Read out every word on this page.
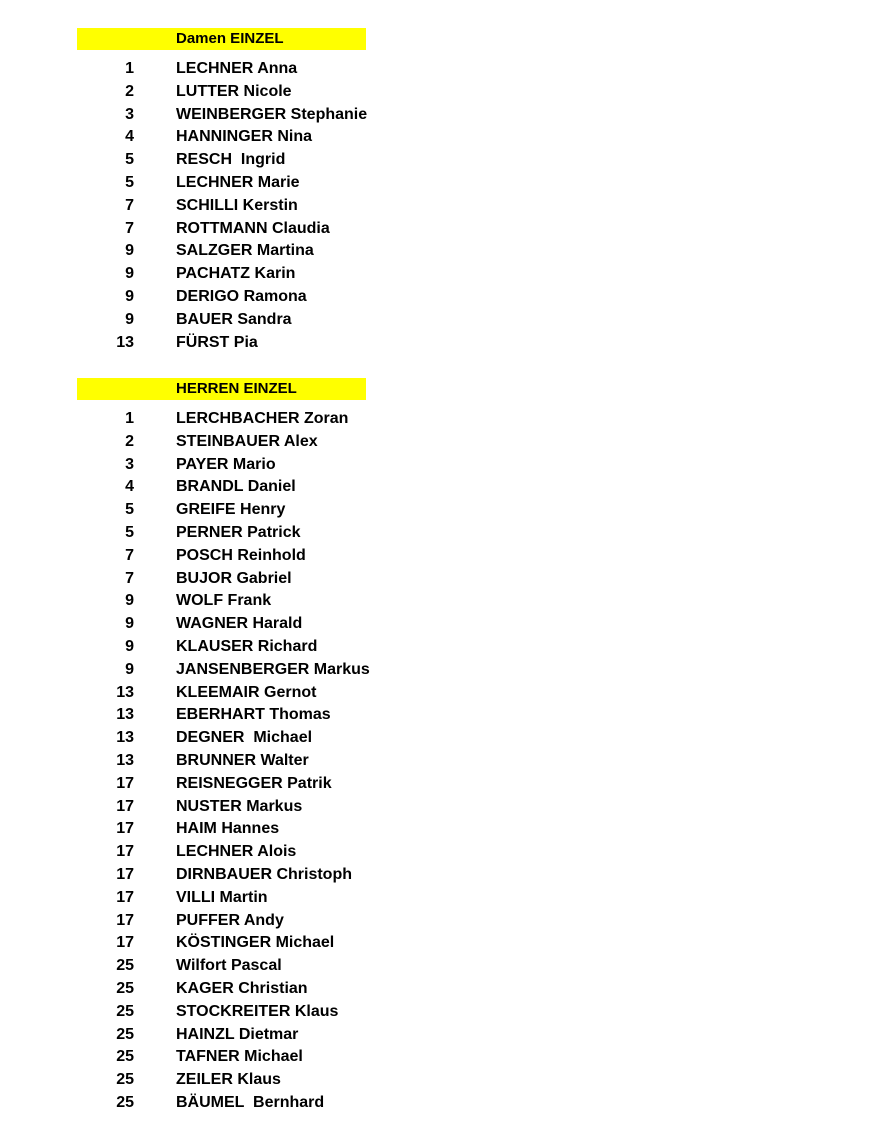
Damen EINZEL
1	LECHNER Anna
2	LUTTER Nicole
3	WEINBERGER Stephanie
4	HANNINGER Nina
5	RESCH  Ingrid
5	LECHNER Marie
7	SCHILLI Kerstin
7	ROTTMANN Claudia
9	SALZGER Martina
9	PACHATZ Karin
9	DERIGO Ramona
9	BAUER Sandra
13	FÜRST Pia
HERREN EINZEL
1	LERCHBACHER Zoran
2	STEINBAUER Alex
3	PAYER Mario
4	BRANDL Daniel
5	GREIFE Henry
5	PERNER Patrick
7	POSCH Reinhold
7	BUJOR Gabriel
9	WOLF Frank
9	WAGNER Harald
9	KLAUSER Richard
9	JANSENBERGER Markus
13	KLEEMAIR Gernot
13	EBERHART Thomas
13	DEGNER  Michael
13	BRUNNER Walter
17	REISNEGGER Patrik
17	NUSTER Markus
17	HAIM Hannes
17	LECHNER Alois
17	DIRNBAUER Christoph
17	VILLI Martin
17	PUFFER Andy
17	KÖSTINGER Michael
25	Wilfort Pascal
25	KAGER Christian
25	STOCKREITER Klaus
25	HAINZL Dietmar
25	TAFNER Michael
25	ZEILER Klaus
25	BÄUMEL  Bernhard
